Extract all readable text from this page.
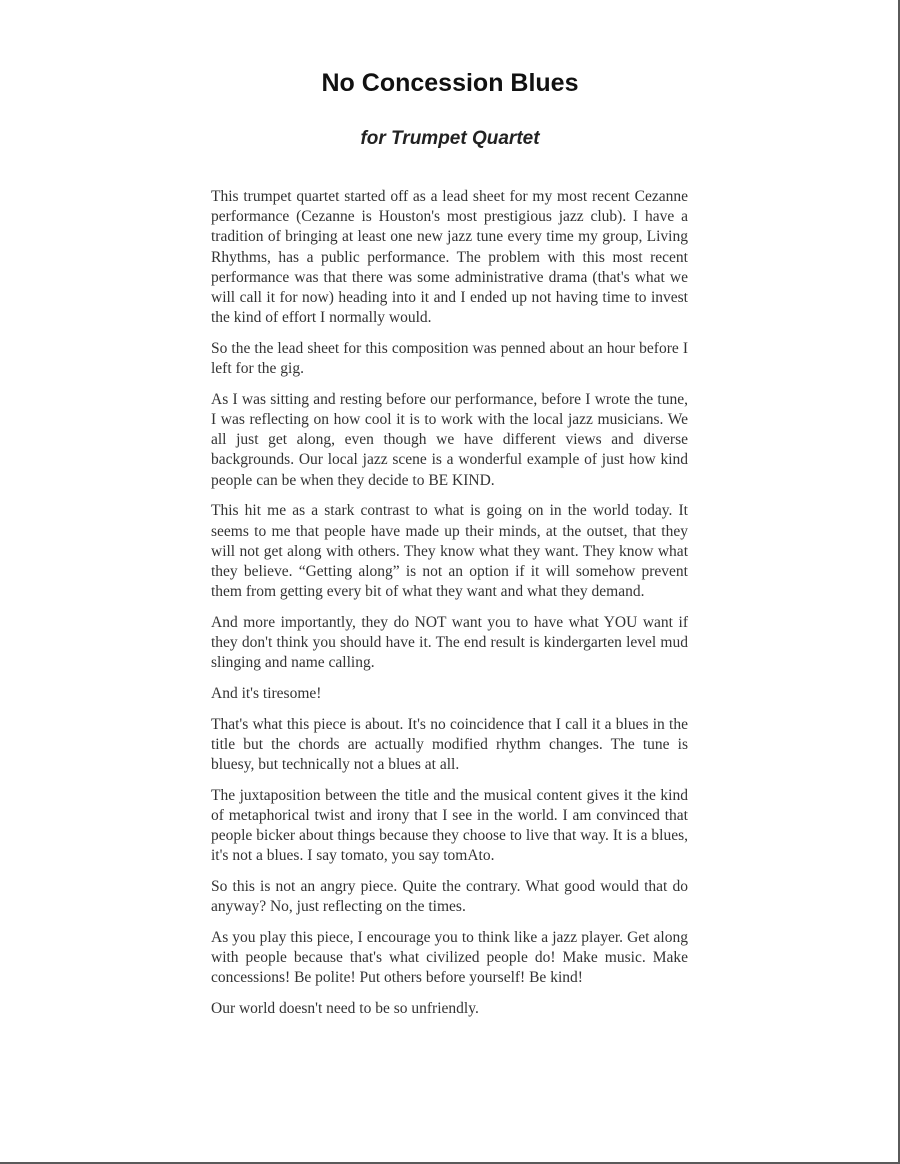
No Concession Blues
for Trumpet Quartet

This trumpet quartet started off as a lead sheet for my most recent Cezanne performance (Cezanne is Houston's most prestigious jazz club). I have a tradition of bringing at least one new jazz tune every time my group, Living Rhythms, has a public performance. The problem with this most recent performance was that there was some administrative drama (that's what we will call it for now) heading into it and I ended up not having time to invest the kind of effort I normally would.

So the the lead sheet for this composition was penned about an hour before I left for the gig.

As I was sitting and resting before our performance, before I wrote the tune, I was reflecting on how cool it is to work with the local jazz musicians. We all just get along, even though we have different views and diverse backgrounds. Our local jazz scene is a wonderful example of just how kind people can be when they decide to BE KIND.

This hit me as a stark contrast to what is going on in the world today. It seems to me that people have made up their minds, at the outset, that they will not get along with others. They know what they want. They know what they believe. “Getting along” is not an option if it will somehow prevent them from getting every bit of what they want and what they demand.

And more importantly, they do NOT want you to have what YOU want if they don't think you should have it. The end result is kindergarten level mud slinging and name calling.

And it's tiresome!

That's what this piece is about. It's no coincidence that I call it a blues in the title but the chords are actually modified rhythm changes. The tune is bluesy, but technically not a blues at all.

The juxtaposition between the title and the musical content gives it the kind of metaphorical twist and irony that I see in the world. I am convinced that people bicker about things because they choose to live that way. It is a blues, it's not a blues. I say tomato, you say tomAto.

So this is not an angry piece. Quite the contrary. What good would that do anyway? No, just reflecting on the times.

As you play this piece, I encourage you to think like a jazz player. Get along with people because that's what civilized people do! Make music. Make concessions! Be polite! Put others before yourself! Be kind!

Our world doesn't need to be so unfriendly.
